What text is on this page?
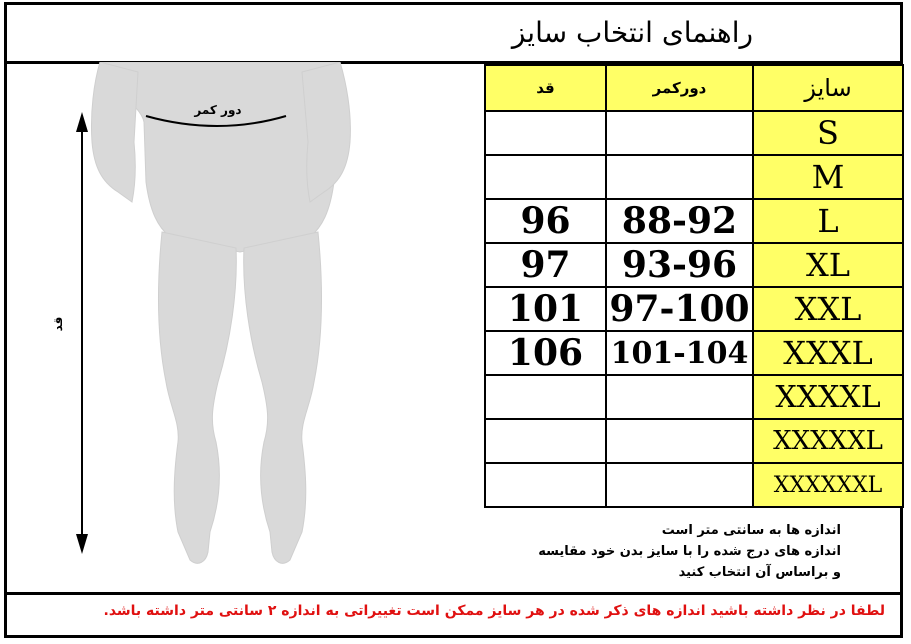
راهنمای انتخاب سایز
دور کمر
قد
قد	دورکمر	سایز
		S
		M
96	88-92	L
97	93-96	XL
101	97-100	XXL
106	101-104	XXXL
		XXXXL
		XXXXXL
		XXXXXXL
اندازه ها به سانتی متر است
اندازه های درج شده را با سایز بدن خود مقایسه
و براساس آن انتخاب کنید
لطفا در نظر داشته باشید اندازه های ذکر شده در هر سایز ممکن است تغییراتی به اندازه ۲ سانتی متر داشته باشد.
